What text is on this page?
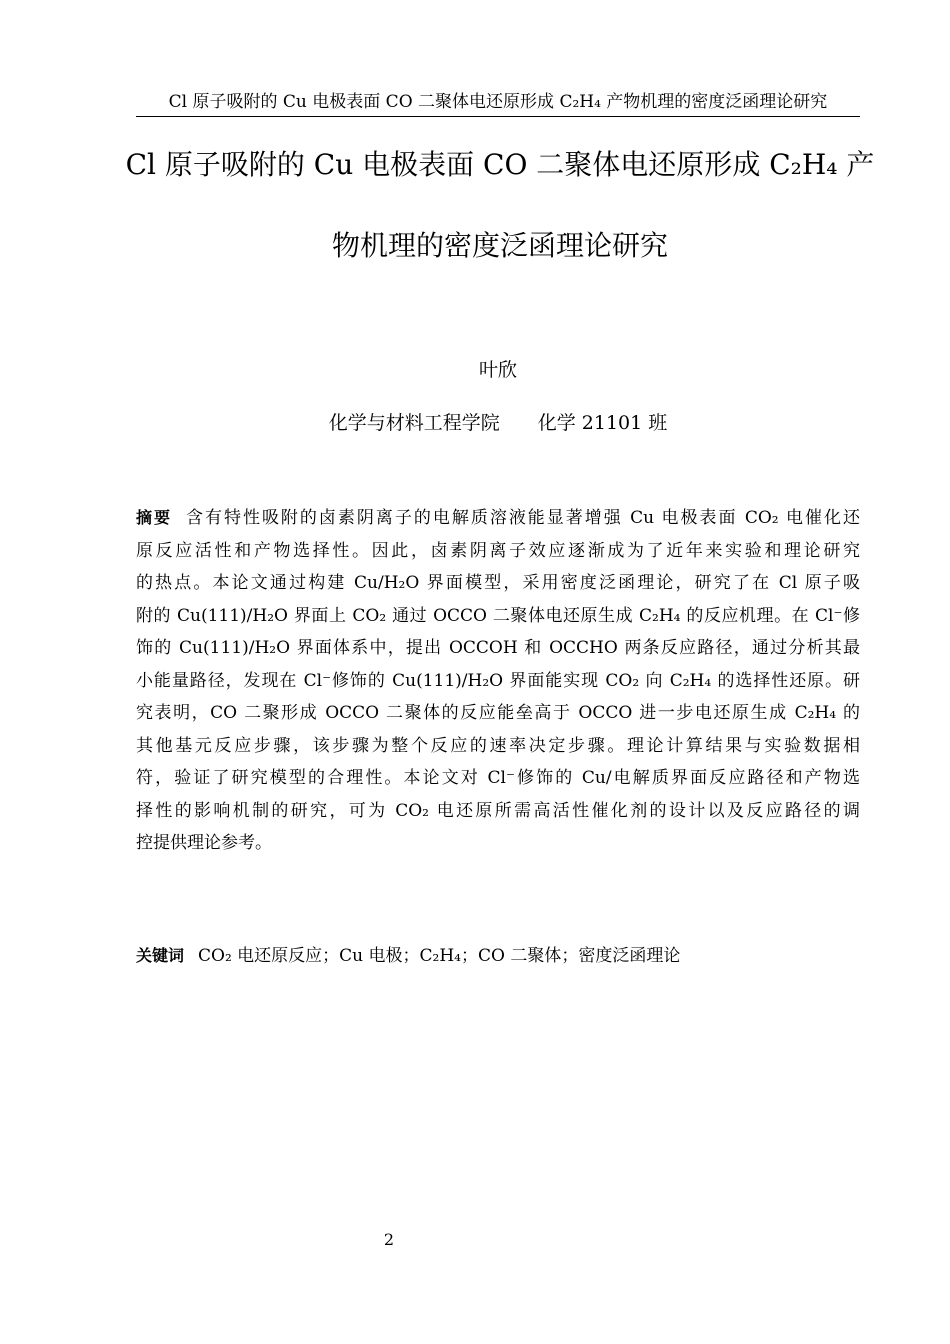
Cl 原子吸附的 Cu 电极表面 CO 二聚体电还原形成 C₂H₄ 产物机理的密度泛函理论研究
Cl 原子吸附的 Cu 电极表面 CO 二聚体电还原形成 C₂H₄ 产
物机理的密度泛函理论研究
叶欣
化学与材料工程学院　　化学 21101 班
摘要 含有特性吸附的卤素阴离子的电解质溶液能显著增强 Cu 电极表面 CO₂ 电催化还
原反应活性和产物选择性。因此，卤素阴离子效应逐渐成为了近年来实验和理论研究
的热点。本论文通过构建 Cu/H₂O 界面模型，采用密度泛函理论，研究了在 Cl 原子吸
附的 Cu(111)/H₂O 界面上 CO₂ 通过 OCCO 二聚体电还原生成 C₂H₄ 的反应机理。在 Cl⁻修
饰的 Cu(111)/H₂O 界面体系中，提出 OCCOH 和 OCCHO 两条反应路径，通过分析其最
小能量路径，发现在 Cl⁻修饰的 Cu(111)/H₂O 界面能实现 CO₂ 向 C₂H₄ 的选择性还原。研
究表明，CO 二聚形成 OCCO 二聚体的反应能垒高于 OCCO 进一步电还原生成 C₂H₄ 的
其他基元反应步骤，该步骤为整个反应的速率决定步骤。理论计算结果与实验数据相
符，验证了研究模型的合理性。本论文对 Cl⁻修饰的 Cu/电解质界面反应路径和产物选
择性的影响机制的研究，可为 CO₂ 电还原所需高活性催化剂的设计以及反应路径的调
控提供理论参考。
关键词 CO₂ 电还原反应；Cu 电极；C₂H₄；CO 二聚体；密度泛函理论
2
